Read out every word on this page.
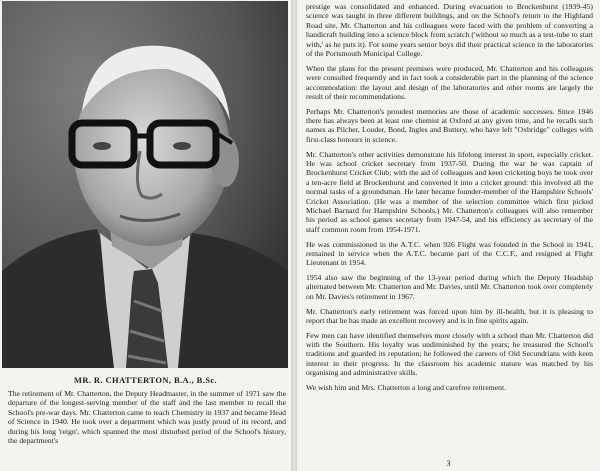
MR. R. CHATTERTON, B.A., B.Sc.
The retirement of Mr. Chatterton, the Deputy Headmaster, in the summer of 1971 saw the departure of the longest-serving member of the staff and the last member to recall the School's pre-war days. Mr. Chatterton came to teach Chemistry in 1937 and became Head of Science in 1940. He took over a department which was justly proud of its record, and during his long 'reign', which spanned the most disturbed period of the School's history, the department's

prestige was consolidated and enhanced. During evacuation to Brockenhurst (1939-45) science was taught in three different buildings, and on the School's return to the Highland Road site, Mr. Chatterton and his colleagues were faced with the problem of converting a handicraft building into a science block from scratch ('without so much as a test-tube to start with,' as he puts it). For some years senior boys did their practical science in the laboratories of the Portsmouth Municipal College.

When the plans for the present premises were produced, Mr. Chatterton and his colleagues were consulted frequently and in fact took a considerable part in the planning of the science accommodation: the layout and design of the laboratories and other rooms are largely the result of their recommendations.

Perhaps Mr. Chatterton's proudest memories are those of academic successes. Since 1946 there has always been at least one chemist at Oxford at any given time, and he recalls such names as Pilcher, Louder, Bond, Ingles and Buttery, who have left "Oxbridge" colleges with first-class honours in science.

Mr. Chatterton's other activities demonstrate his lifelong interest in sport, especially cricket. He was school cricket secretary from 1937-50. During the war he was captain of Brockenhurst Cricket Club; with the aid of colleagues and keen cricketing boys he took over a ten-acre field at Brockenhurst and converted it into a cricket ground: this involved all the normal tasks of a groundsman. He later became founder-member of the Hampshire Schools' Cricket Association. (He was a member of the selection committee which first picked Michael Barnard for Hampshire Schools.) Mr. Chatterton's colleagues will also remember his period as school games secretary from 1947-54, and his efficiency as secretary of the staff common room from 1954-1971.

He was commissioned in the A.T.C. when 926 Flight was founded in the School in 1941, remained in service when the A.T.C. became part of the C.C.F., and resigned at Flight Lieutenant in 1954.

1954 also saw the beginning of the 13-year period during which the Deputy Headship alternated between Mr. Chatterton and Mr. Davies, until Mr. Chatterton took over completely on Mr. Davies's retirement in 1967.

Mr. Chatterton's early retirement was forced upon him by ill-health, but it is pleasing to report that he has made an excellent recovery and is in fine spirits again.

Few men can have identified themselves more closely with a school than Mr. Chatterton did with the Southern. His loyalty was undiminished by the years; he treasured the School's traditions and guarded its reputation; he followed the careers of Old Secundrians with keen interest in their progress. In the classroom his academic stature was matched by his organising and administrative skills.

We wish him and Mrs. Chatterton a long and carefree retirement.

3
